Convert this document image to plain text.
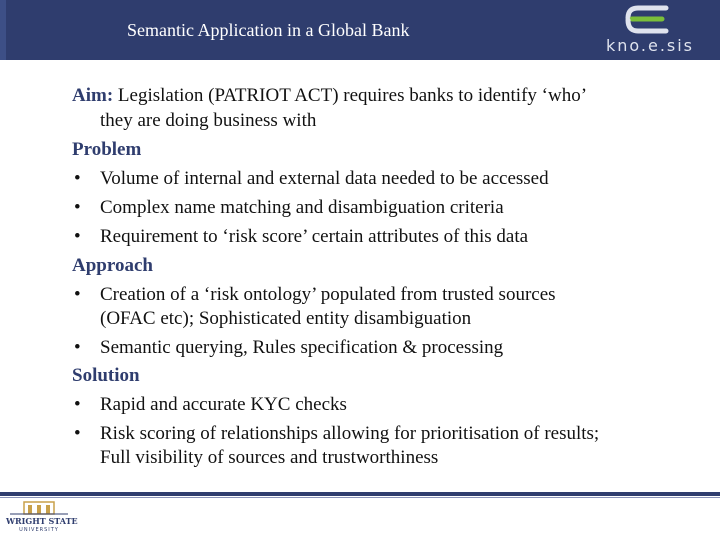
Semantic Application in a Global Bank
kno.e.sis
Aim: Legislation (PATRIOT ACT) requires banks to identify ‘who’
they are doing business with
Problem
• Volume of internal and external data needed to be accessed
• Complex name matching and disambiguation criteria
• Requirement to ‘risk score’ certain attributes of this data
Approach
• Creation of a ‘risk ontology’ populated from trusted sources
(OFAC etc); Sophisticated entity disambiguation
• Semantic querying, Rules specification & processing
Solution
• Rapid and accurate KYC checks
• Risk scoring of relationships allowing for prioritisation of results;
Full visibility of sources and trustworthiness
WRIGHT STATE
UNIVERSITY
